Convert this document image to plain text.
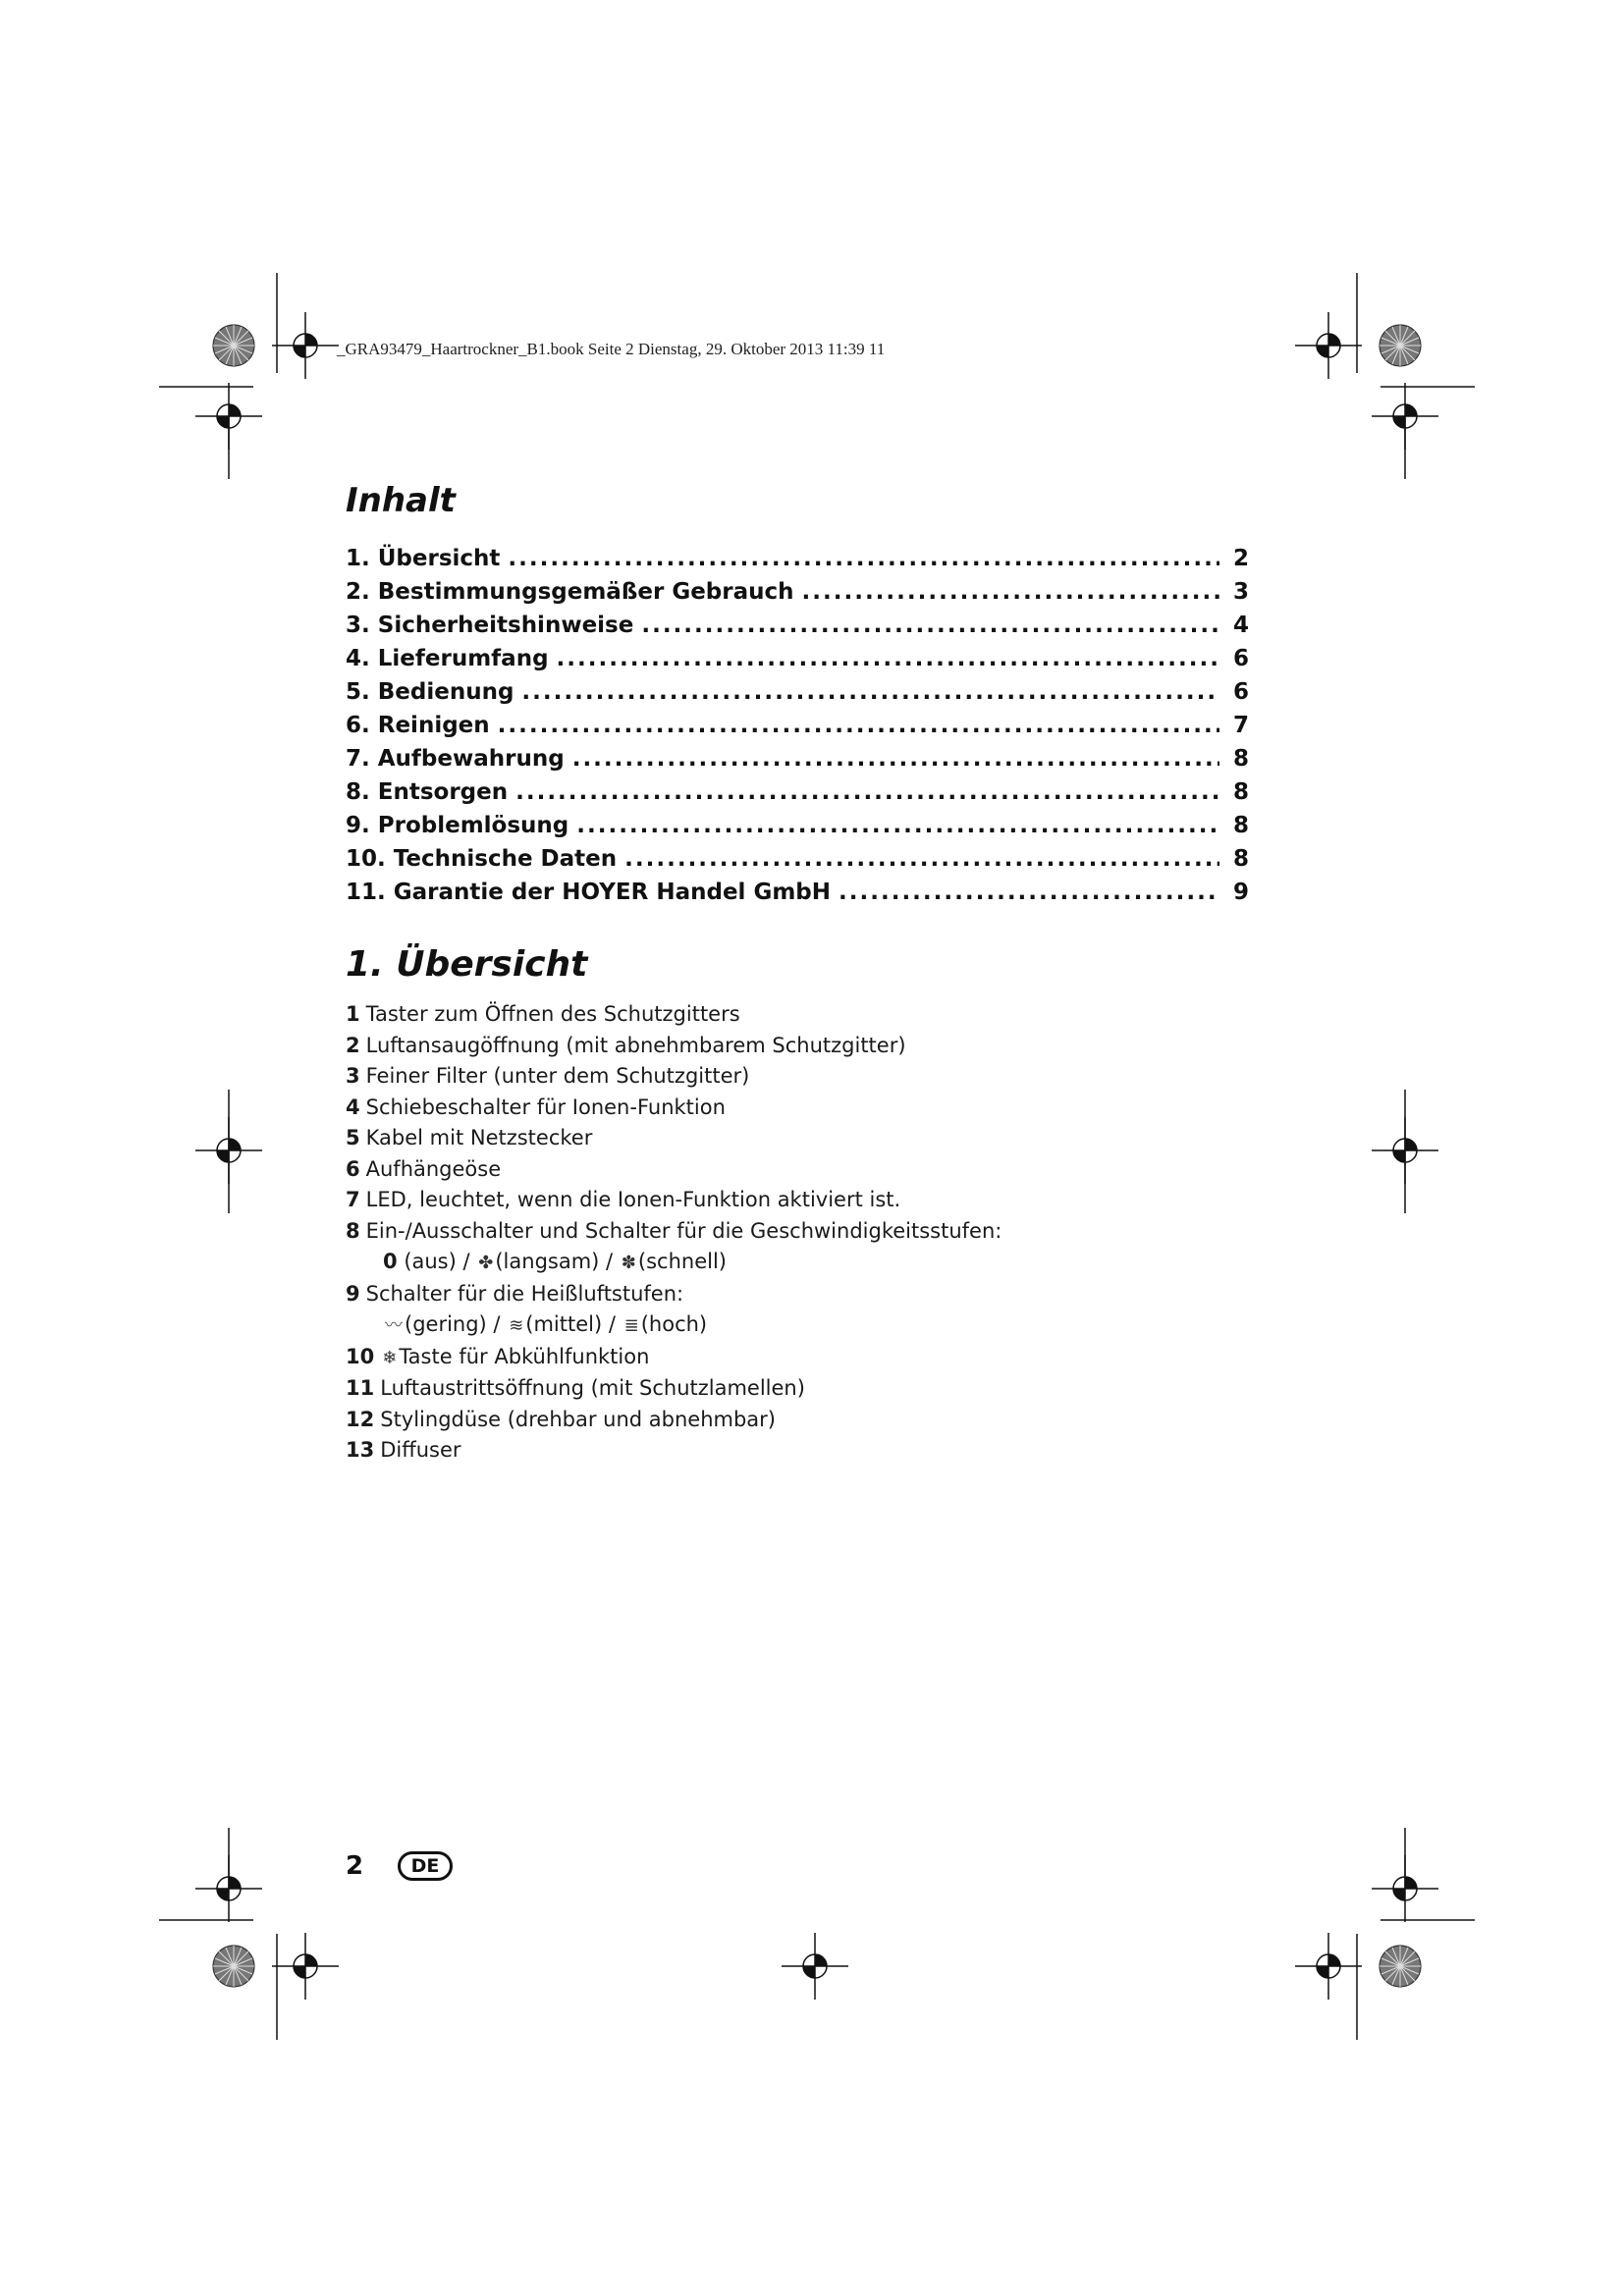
_GRA93479_Haartrockner_B1.book Seite 2 Dienstag, 29. Oktober 2013 11:39 11
Inhalt
1. Übersicht .....	2
2. Bestimmungsgemäßer Gebrauch .....	3
3. Sicherheitshinweise .....	4
4. Lieferumfang .....	6
5. Bedienung .....	6
6. Reinigen .....	7
7. Aufbewahrung .....	8
8. Entsorgen .....	8
9. Problemlösung .....	8
10. Technische Daten .....	8
11. Garantie der HOYER Handel GmbH .....	9
1. Übersicht
1 Taster zum Öffnen des Schutzgitters
2 Luftansaugöffnung (mit abnehmbarem Schutzgitter)
3 Feiner Filter (unter dem Schutzgitter)
4 Schiebeschalter für Ionen-Funktion
5 Kabel mit Netzstecker
6 Aufhängeöse
7 LED, leuchtet, wenn die Ionen-Funktion aktiviert ist.
8 Ein-/Ausschalter und Schalter für die Geschwindigkeitsstufen:
0 (aus) / ✤(langsam) / ✽(schnell)
9 Schalter für die Heißluftstufen:
〰(gering) / ≋(mittel) / ≣(hoch)
10 ❄Taste für Abkühlfunktion
11 Luftaustrittsöffnung (mit Schutzlamellen)
12 Stylingdüse (drehbar und abnehmbar)
13 Diffuser
2	DE
